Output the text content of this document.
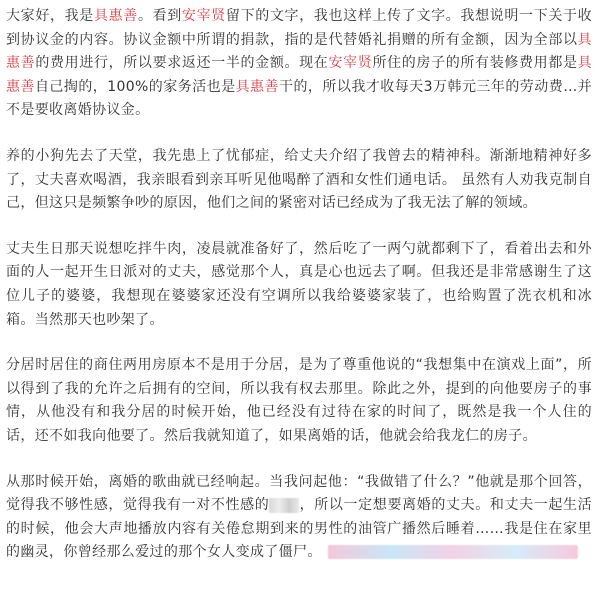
大家好，我是具惠善。看到安宰贤留下的文字，我也这样上传了文字。我想说明一下关于收到协议金的内容。协议金额中所谓的捐款，指的是代替婚礼捐赠的所有金额，因为全部以具惠善的费用进行，所以要求返还一半的金额。现在安宰贤所住的房子的所有装修费用都是具惠善自己掏的，100%的家务活也是具惠善干的，所以我才收每天3万韩元三年的劳动费…并不是要收离婚协议金。

养的小狗先去了天堂，我先患上了忧郁症，给丈夫介绍了我曾去的精神科。渐渐地精神好多了，丈夫喜欢喝酒，我亲眼看到亲耳听见他喝醉了酒和女性们通电话。 虽然有人劝我克制自己，但这只是频繁争吵的原因，他们之间的紧密对话已经成为了我无法了解的领域。

丈夫生日那天说想吃拌牛肉，凌晨就准备好了，然后吃了一两勺就都剩下了，看着出去和外面的人一起开生日派对的丈夫，感觉那个人，真是心也远去了啊。但我还是非常感谢生了这位儿子的婆婆，我想现在婆婆家还没有空调所以我给婆婆家装了，也给购置了洗衣机和冰箱。当然那天也吵架了。

分居时居住的商住两用房原本不是用于分居，是为了尊重他说的“我想集中在演戏上面”，所以得到了我的允许之后拥有的空间，所以我有权去那里。除此之外，提到的向他要房子的事情，从他没有和我分居的时候开始，他已经没有过待在家的时间了，既然是我一个人住的话，还不如我向他要了。然后我就知道了，如果离婚的话，他就会给我龙仁的房子。

从那时候开始，离婚的歌曲就已经响起。当我问起他：“我做错了什么？”他就是那个回答，觉得我不够性感，觉得我有一对不性感的 ，所以一定想要离婚的丈夫。和丈夫一起生活的时候，他会大声地播放内容有关倦怠期到来的男性的油管广播然后睡着……我是住在家里的幽灵，你曾经那么爱过的那个女人变成了僵尸。
